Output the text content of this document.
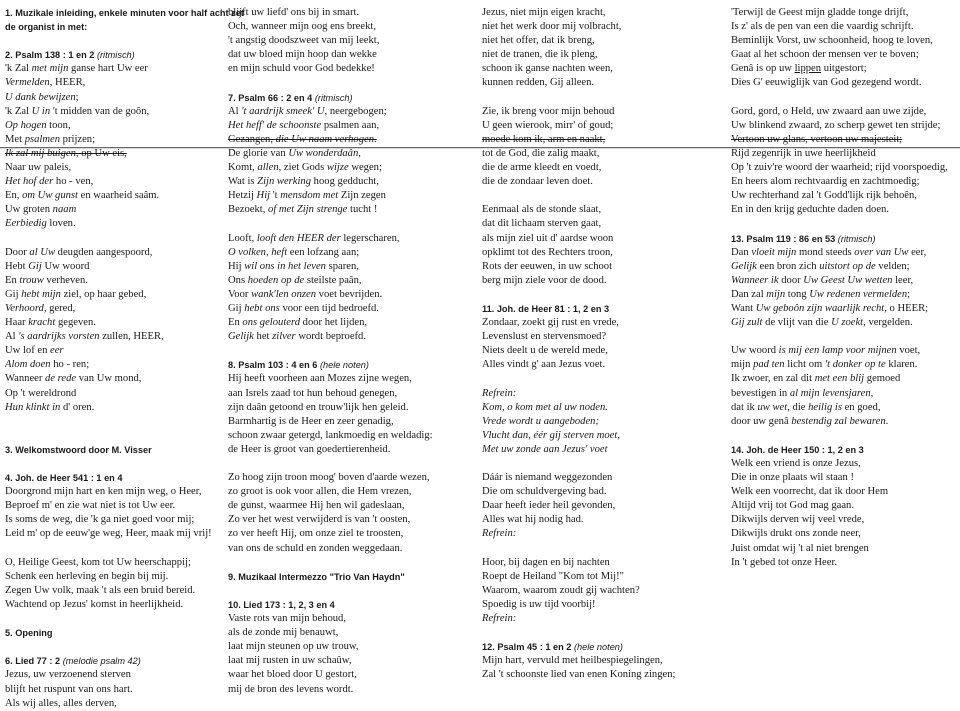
1. Muzikale inleiding, enkele minuten voor half acht zet
de organist in met:
2. Psalm 138 : 1 en 2 (ritmisch)
'k Zal met mijn ganse hart Uw eer
Vermelden, HEER,
U dank bewijzen;
'k Zal U in 't midden van de goôn,
Op hogen toon,
Met psalmen prijzen;
Ik zal mij buigen, op Uw eis,
Naar uw paleis,
Het hof der ho - ven,
En, om Uw gunst en waarheid saâm.
Uw groten naam
Eerbiedig loven.
Door al Uw deugden aangespoord,
Hebt Gij Uw woord
En trouw verheven.
Gij hebt mijn ziel, op haar gebed,
Verhoord, gered,
Haar kracht gegeven.
Al 's aardrijks vorsten zullen, HEER,
Uw lof en eer
Alom doen ho - ren;
Wanneer de rede van Uw mond,
Op 't wereldrond
Hun klinkt in d' oren.
3. Welkomstwoord door M. Visser
4. Joh. de Heer 541 : 1 en 4
Doorgrond mijn hart en ken mijn weg, o Heer,
Beproef m' en zie wat niet is tot Uw eer.
Is soms de weg, die 'k ga niet goed voor mij;
Leid m' op de eeuw'ge weg, Heer, maak mij vrij!
O, Heilige Geest, kom tot Uw heerschappij;
Schenk een herleving en begin bij mij.
Zegen Uw volk, maak 't als een bruid bereid.
Wachtend op Jezus' komst in heerlijkheid.
5. Opening
6. Lied 77 : 2 (melodie psalm 42)
Jezus, uw verzoenend sterven
blijft het ruspunt van ons hart.
Als wij alles, alles derven,
blijft uw liefd' ons bij in smart.
Och, wanneer mijn oog ens breekt,
't angstig doodszweet van mij leekt,
dat uw bloed mijn hoop dan wekke
en mijn schuld voor God bedekke!
7. Psalm 66 : 2 en 4 (ritmisch)
Al 't aardrijk smeek' U, neergebogen;
Het heff' de schoonste psalmen aan,
Gezangen, die Uw naam verhogen.
De glorie van Uw wonderdaân,
Komt, allen, ziet Gods wijze wegen;
Wat is Zijn werking hoog gedducht,
Hetzij Hij 't mensdom met Zijn zegen
Bezoekt, of met Zijn strenge tucht !
Looft, looft den HEER der legerscharen,
O volken, heft een lofzang aan;
Hij wil ons in het leven sparen,
Ons hoeden op de steilste paân,
Voor wank'len onzen voet bevrijden.
Gij hebt ons voor een tijd bedroefd.
En ons gelouterd door het lijden,
Gelijk het zilver wordt beproefd.
8. Psalm 103 : 4 en 6 (hele noten)
Hij heeft voorheen aan Mozes zijne wegen,
aan Isrels zaad tot hun behoud genegen,
zijn daân getoond en trouw'lijk hen geleid.
Barmhartig is de Heer en zeer genadig,
schoon zwaar getergd, lankmoedig en weldadig:
de Heer is groot van goedertierenheid.
Zo hoog zijn troon moog' boven d'aarde wezen,
zo groot is ook voor allen, die Hem vrezen,
de gunst, waarmee Hij hen wil gadeslaan,
Zo ver het west verwijderd is van 't oosten,
zo ver heeft Hij, om onze ziel te troosten,
van ons de schuld en zonden weggedaan.
9. Muzikaal Intermezzo "Trio Van Haydn"
10. Lied 173 : 1, 2, 3 en 4
Vaste rots van mijn behoud,
als de zonde mij benauwt,
laat mijn steunen op uw trouw,
laat mij rusten in uw schaûw,
waar het bloed door U gestort,
mij de bron des levens wordt.
Jezus, niet mijn eigen kracht,
niet het werk door mij volbracht,
niet het offer, dat ik breng,
niet de tranen, die ik pleng,
schoon ik ganse nachten ween,
kunnen redden, Gij alleen.
Zie, ik breng voor mijn behoud
U geen wierook, mirr' of goud;
moede kom ik, arm en naakt,
tot de God, die zalig maakt,
die de arme kleedt en voedt,
die de zondaar leven doet.
Eenmaal als de stonde slaat,
dat dit lichaam sterven gaat,
als mijn ziel uit d' aardse woon
opklimt tot des Rechters troon,
Rots der eeuwen, in uw schoot
berg mijn ziele voor de dood.
11. Joh. de Heer 81 : 1, 2 en 3
Zondaar, zoekt gij rust en vrede,
Levenslust en stervensmoed?
Niets deelt u de wereld mede,
Alles vindt g' aan Jezus voet.
Refrein:
Kom, o kom met al uw noden.
Vrede wordt u aangeboden;
Vlucht dan, éér gij sterven moet,
Met uw zonde aan Jezus' voet
Dáár is niemand weggezonden
Die om schuldvergeving bad.
Daar heeft ieder heil gevonden,
Alles wat hij nodig had.
Refrein:
Hoor, bij dagen en bij nachten
Roept de Heiland "Kom tot Mij!"
Waarom, waarom zoudt gij wachten?
Spoedig is uw tijd voorbij!
Refrein:
12. Psalm 45 : 1 en 2 (hele noten)
Mijn hart, vervuld met heilbespiegelingen,
Zal 't schoonste lied van enen Koning zingen;
'Terwijl de Geest mijn gladde tonge drijft,
Is z' als de pen van een die vaardig schrijft.
Beminlijk Vorst, uw schoonheid, hoog te loven,
Gaat al het schoon der mensen ver te boven;
Genâ is op uw lippen uitgestort;
Dies G' eeuwiglijk van God gezegend wordt.
Gord, gord, o Held, uw zwaard aan uwe zijde,
Uw blinkend zwaard, zo scherp gewet ten strijde;
Vertoon uw glans, vertoon uw majesteit;
Rijd zegenrijk in uwe heerlijkheid
Op 't zuiv're woord der waarheid; rijd voorspoedig,
En heers alom rechtvaardig en zachtmoedig;
Uw rechterhand zal 't Godd'lijk rijk behoên,
En in den krijg geduchte daden doen.
13. Psalm 119 : 86 en 53 (ritmisch)
Dan vloeit mijn mond steeds over van Uw eer,
Gelijk een bron zich uitstort op de velden;
Wanneer ik door Uw Geest Uw wetten leer,
Dan zal mijn tong Uw redenen vermelden;
Want Uw geboôn zijn waarlijk recht, o HEER;
Gij zult de vlijt van die U zoekt, vergelden.
Uw woord is mij een lamp voor mijnen voet,
mijn pad ten licht om 't donker op te klaren.
Ik zwoer, en zal dit met een blij gemoed
bevestigen in al mijn levensjaren,
dat ik uw wet, die heilig is en goed,
door uw genâ bestendig zal bewaren.
14. Joh. de Heer 150 : 1, 2 en 3
Welk een vriend is onze Jezus,
Die in onze plaats wil staan !
Welk een voorrecht, dat ik door Hem
Altijd vrij tot God mag gaan.
Dikwijls derven wij veel vrede,
Dikwijls drukt ons zonde neer,
Juist omdat wij 't al niet brengen
In 't gebed tot onze Heer.
